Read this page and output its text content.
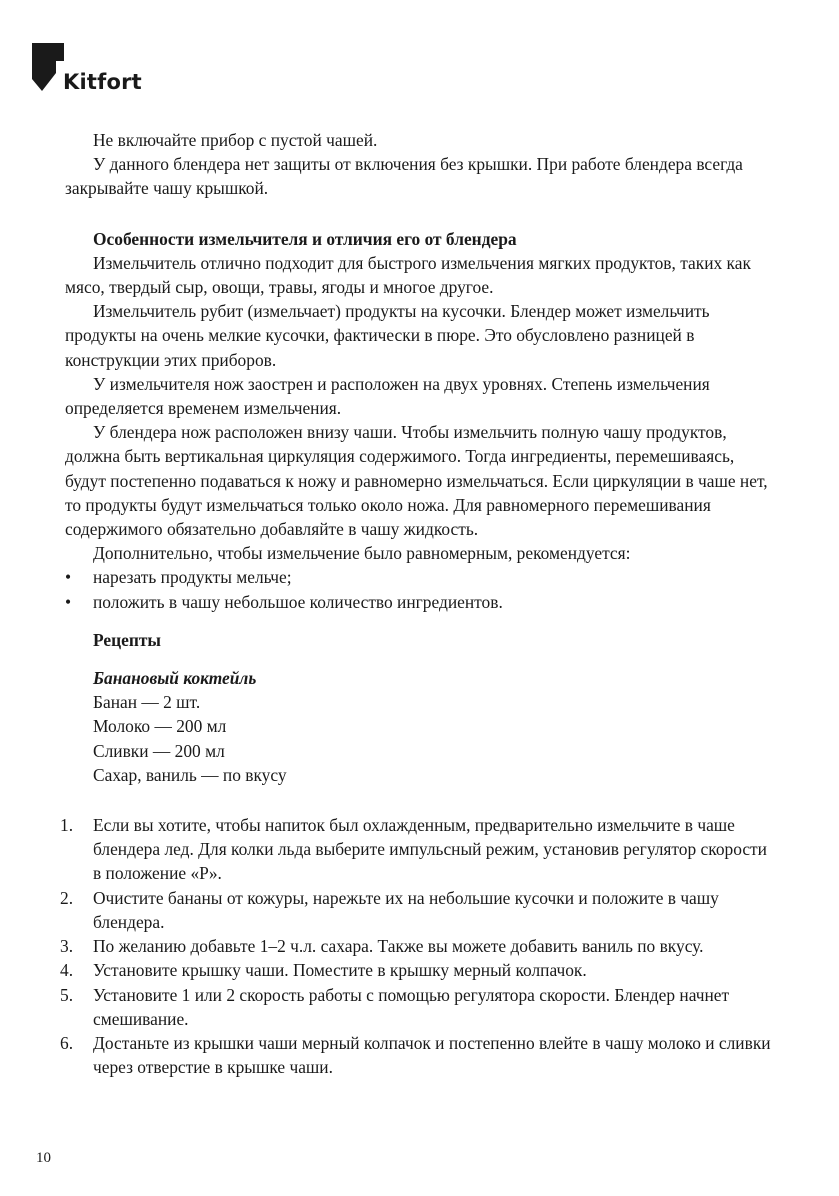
Kitfort

Не включайте прибор с пустой чашей.

У данного блендера нет защиты от включения без крышки. При работе блендера всегда закрывайте чашу крышкой.

Особенности измельчителя и отличия его от блендера

Измельчитель отлично подходит для быстрого измельчения мягких продуктов, таких как мясо, твердый сыр, овощи, травы, ягоды и многое другое.

Измельчитель рубит (измельчает) продукты на кусочки. Блендер может измельчить продукты на очень мелкие кусочки, фактически в пюре. Это обусловлено разницей в конструкции этих приборов.

У измельчителя нож заострен и расположен на двух уровнях. Степень измельчения определяется временем измельчения.

У блендера нож расположен внизу чаши. Чтобы измельчить полную чашу продуктов, должна быть вертикальная циркуляция содержимого. Тогда ингредиенты, перемешиваясь, будут постепенно подаваться к ножу и равномерно измельчаться. Если циркуляции в чаше нет, то продукты будут измельчаться только около ножа. Для равномерного перемешивания содержимого обязательно добавляйте в чашу жидкость.

Дополнительно, чтобы измельчение было равномерным, рекомендуется:

•	нарезать продукты мельче;
•	положить в чашу небольшое количество ингредиентов.

Рецепты

Банановый коктейль

Банан — 2 шт.
Молоко — 200 мл
Сливки — 200 мл
Сахар, ваниль — по вкусу
1. Если вы хотите, чтобы напиток был охлажденным, предварительно измельчите в чаше блендера лед. Для колки льда выберите импульсный режим, установив регулятор скорости в положение «P».
2. Очистите бананы от кожуры, нарежьте их на небольшие кусочки и положите в чашу блендера.
3. По желанию добавьте 1–2 ч.л. сахара. Также вы можете добавить ваниль по вкусу.
4. Установите крышку чаши. Поместите в крышку мерный колпачок.
5. Установите 1 или 2 скорость работы с помощью регулятора скорости. Блендер начнет смешивание.
6. Достаньте из крышки чаши мерный колпачок и постепенно влейте в чашу молоко и сливки через отверстие в крышке чаши.
10
